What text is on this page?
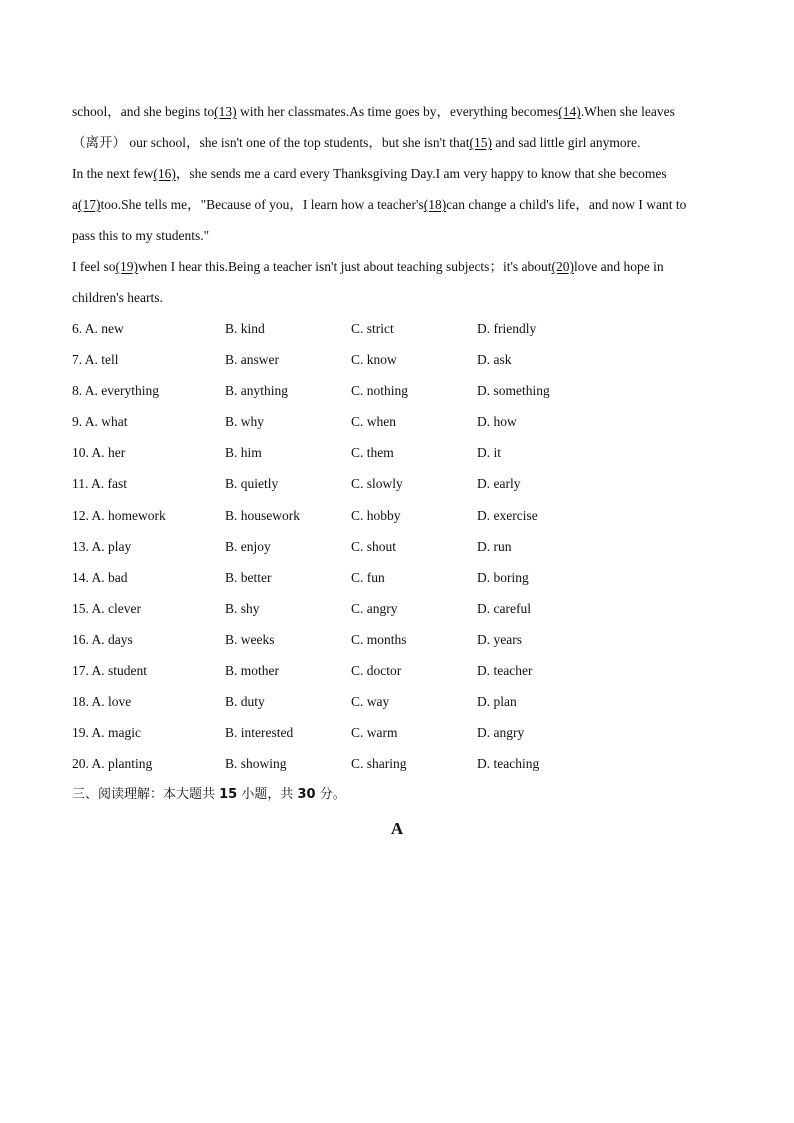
school，and she begins to(13) with her classmates.As time goes by，everything becomes(14).When she leaves
（离开） our school，she isn't one of the top students，but she isn't that(15) and sad little girl anymore.
In the next few(16)，she sends me a card every Thanksgiving Day.I am very happy to know that she becomes
a(17)too.She tells me，"Because of you，I learn how a teacher's(18)can change a child's life，and now I want to
pass this to my students."
I feel so(19)when I hear this.Being a teacher isn't just about teaching subjects；it's about(20)love and hope in
children's hearts.
6. A. new	B. kind	C. strict	D. friendly
7. A. tell	B. answer	C. know	D. ask
8. A. everything	B. anything	C. nothing	D. something
9. A. what	B. why	C. when	D. how
10. A. her	B. him	C. them	D. it
11. A. fast	B. quietly	C. slowly	D. early
12. A. homework	B. housework	C. hobby	D. exercise
13. A. play	B. enjoy	C. shout	D. run
14. A. bad	B. better	C. fun	D. boring
15. A. clever	B. shy	C. angry	D. careful
16. A. days	B. weeks	C. months	D. years
17. A. student	B. mother	C. doctor	D. teacher
18. A. love	B. duty	C. way	D. plan
19. A. magic	B. interested	C. warm	D. angry
20. A. planting	B. showing	C. sharing	D. teaching
三、阅读理解：本大题共 15 小题，共 30 分。
A
